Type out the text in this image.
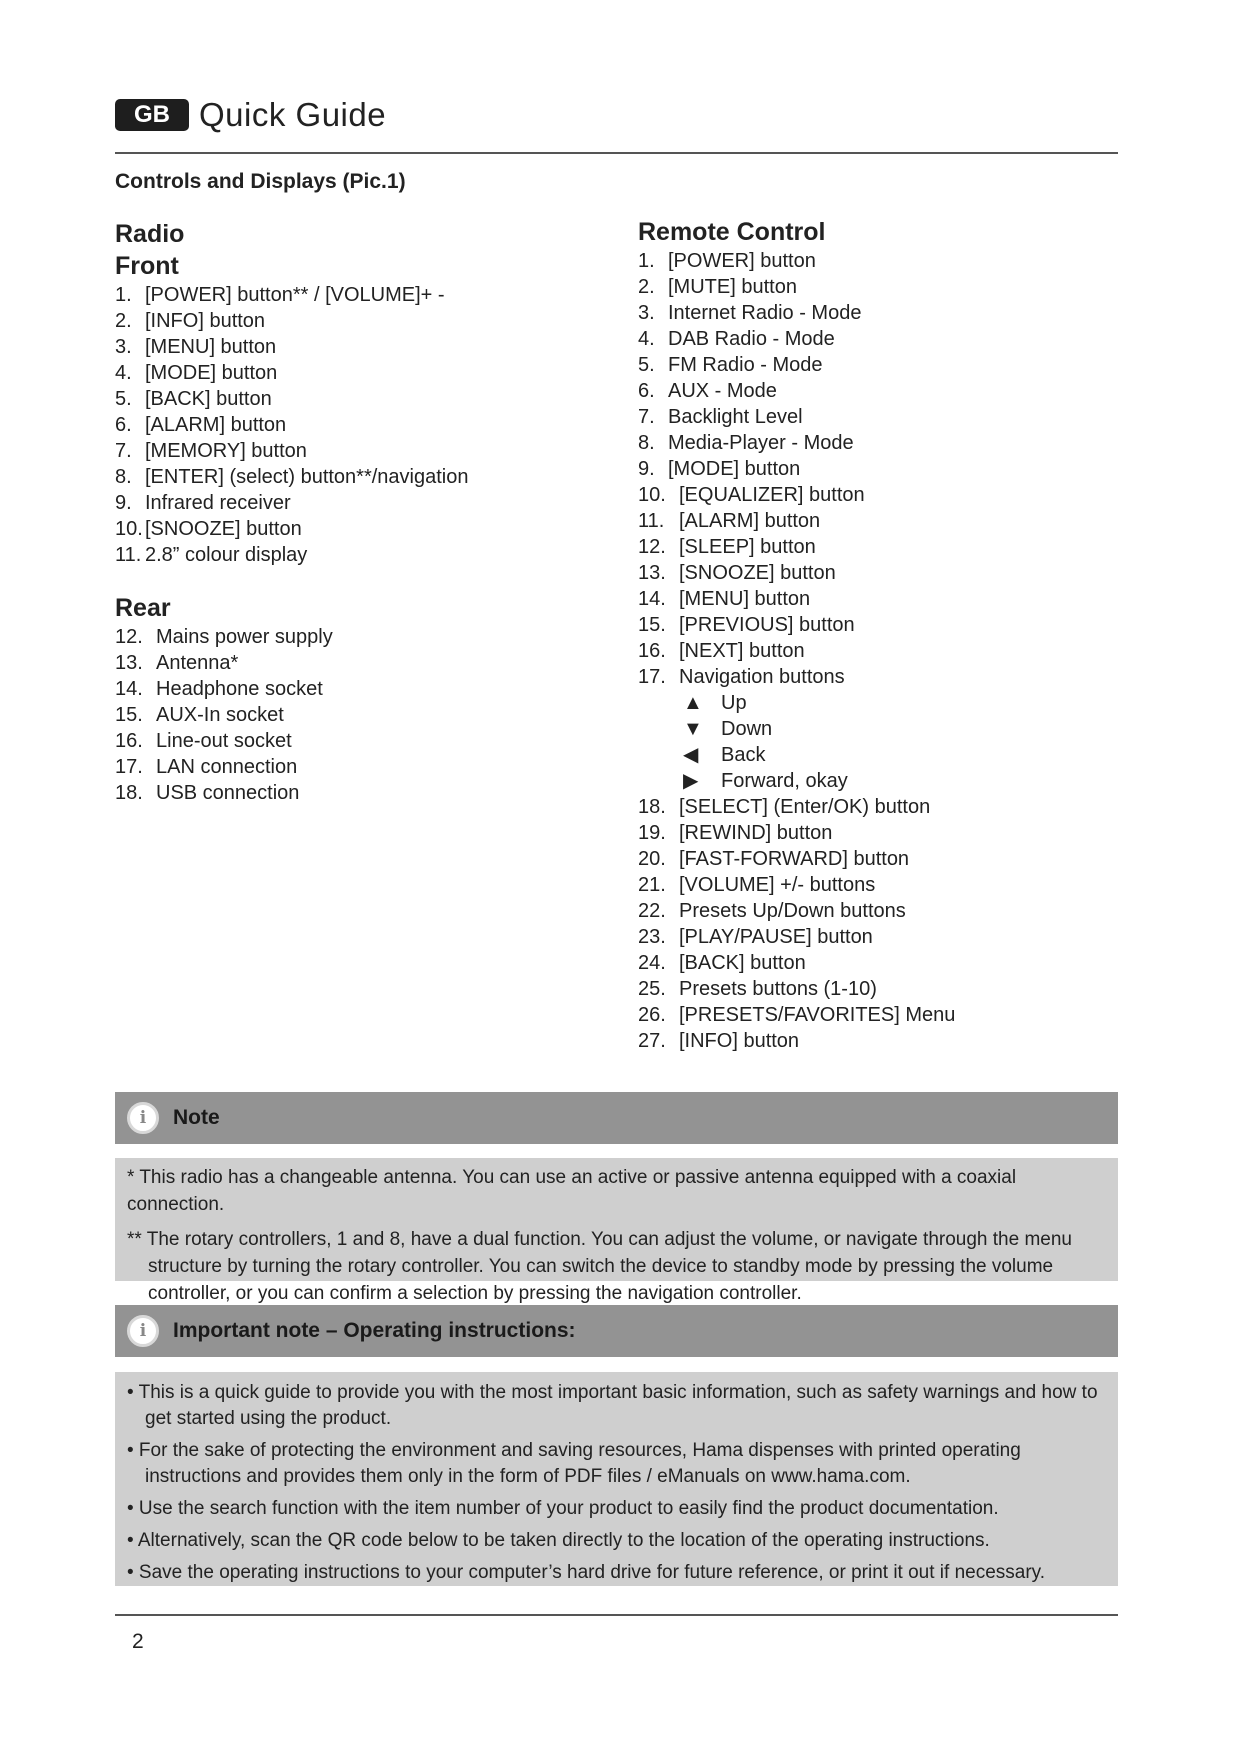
GB Quick Guide
Controls and Displays (Pic.1)
Radio
Front
1. [POWER] button** / [VOLUME]+ -
2. [INFO] button
3. [MENU] button
4. [MODE] button
5. [BACK] button
6. [ALARM] button
7. [MEMORY] button
8. [ENTER] (select) button**/navigation
9. Infrared receiver
10. [SNOOZE] button
11. 2.8” colour display
Rear
12. Mains power supply
13. Antenna*
14. Headphone socket
15. AUX-In socket
16. Line-out socket
17. LAN connection
18. USB connection
Remote Control
1. [POWER] button
2. [MUTE] button
3. Internet Radio - Mode
4. DAB Radio - Mode
5. FM Radio - Mode
6. AUX - Mode
7. Backlight Level
8. Media-Player - Mode
9. [MODE] button
10. [EQUALIZER] button
11. [ALARM] button
12. [SLEEP] button
13. [SNOOZE] button
14. [MENU] button
15. [PREVIOUS] button
16. [NEXT] button
17. Navigation buttons
▲ Up
▼ Down
◀ Back
▶ Forward, okay
18. [SELECT] (Enter/OK) button
19. [REWIND] button
20. [FAST-FORWARD] button
21. [VOLUME] +/- buttons
22. Presets Up/Down buttons
23. [PLAY/PAUSE] button
24. [BACK] button
25. Presets buttons (1-10)
26. [PRESETS/FAVORITES] Menu
27. [INFO] button
i	Note

* This radio has a changeable antenna. You can use an active or passive antenna equipped with a coaxial connection.

** The rotary controllers, 1 and 8, have a dual function. You can adjust the volume, or navigate through the menu structure by turning the rotary controller. You can switch the device to standby mode by pressing the volume controller, or you can confirm a selection by pressing the navigation controller.

i	Important note – Operating instructions:
• This is a quick guide to provide you with the most important basic information, such as safety warnings and how to get started using the product.
• For the sake of protecting the environment and saving resources, Hama dispenses with printed operating instructions and provides them only in the form of PDF files / eManuals on www.hama.com.
• Use the search function with the item number of your product to easily find the product documentation.
• Alternatively, scan the QR code below to be taken directly to the location of the operating instructions.
• Save the operating instructions to your computer’s hard drive for future reference, or print it out if necessary.
2
